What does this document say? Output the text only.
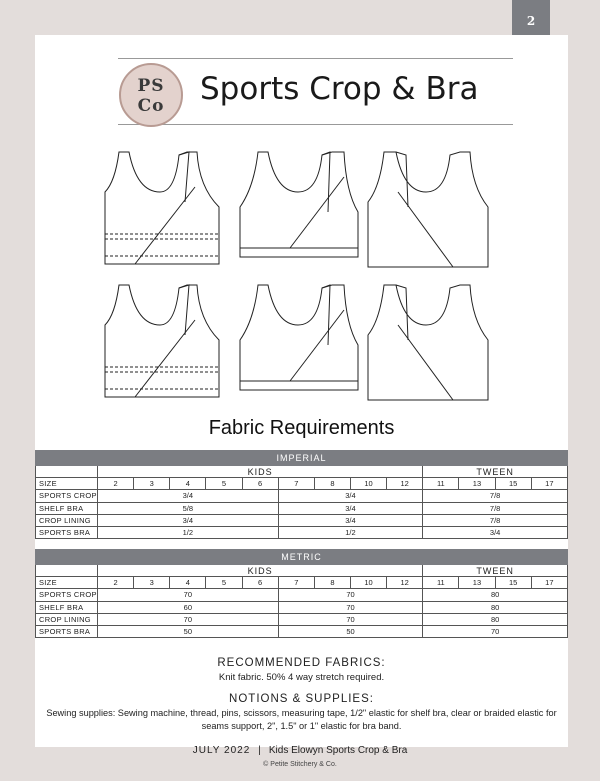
2
PS
Co	Sports Crop & Bra
Fabric Requirements
IMPERIAL													
	KIDS									TWEEN			
SIZE	2	3	4	5	6	7	8	10	12	11	13	15	17
SPORTS CROP	3/4					3/4				7/8			
SHELF BRA	5/8					3/4				7/8			
CROP LINING	3/4					3/4				7/8			
SPORTS BRA	1/2					1/2				3/4			
METRIC													
	KIDS									TWEEN			
SIZE	2	3	4	5	6	7	8	10	12	11	13	15	17
SPORTS CROP	70					70				80			
SHELF BRA	60					70				80			
CROP LINING	70					70				80			
SPORTS BRA	50					50				70			
RECOMMENDED FABRICS:
Knit fabric. 50% 4 way stretch required.
NOTIONS & SUPPLIES:
Sewing supplies: Sewing machine, thread, pins, scissors, measuring tape, 1/2" elastic for shelf bra, clear or braided elastic for seams support, 2", 1.5" or 1" elastic for bra band.
JULY 2022 | Kids Elowyn Sports Crop & Bra
© Petite Stitchery & Co.
